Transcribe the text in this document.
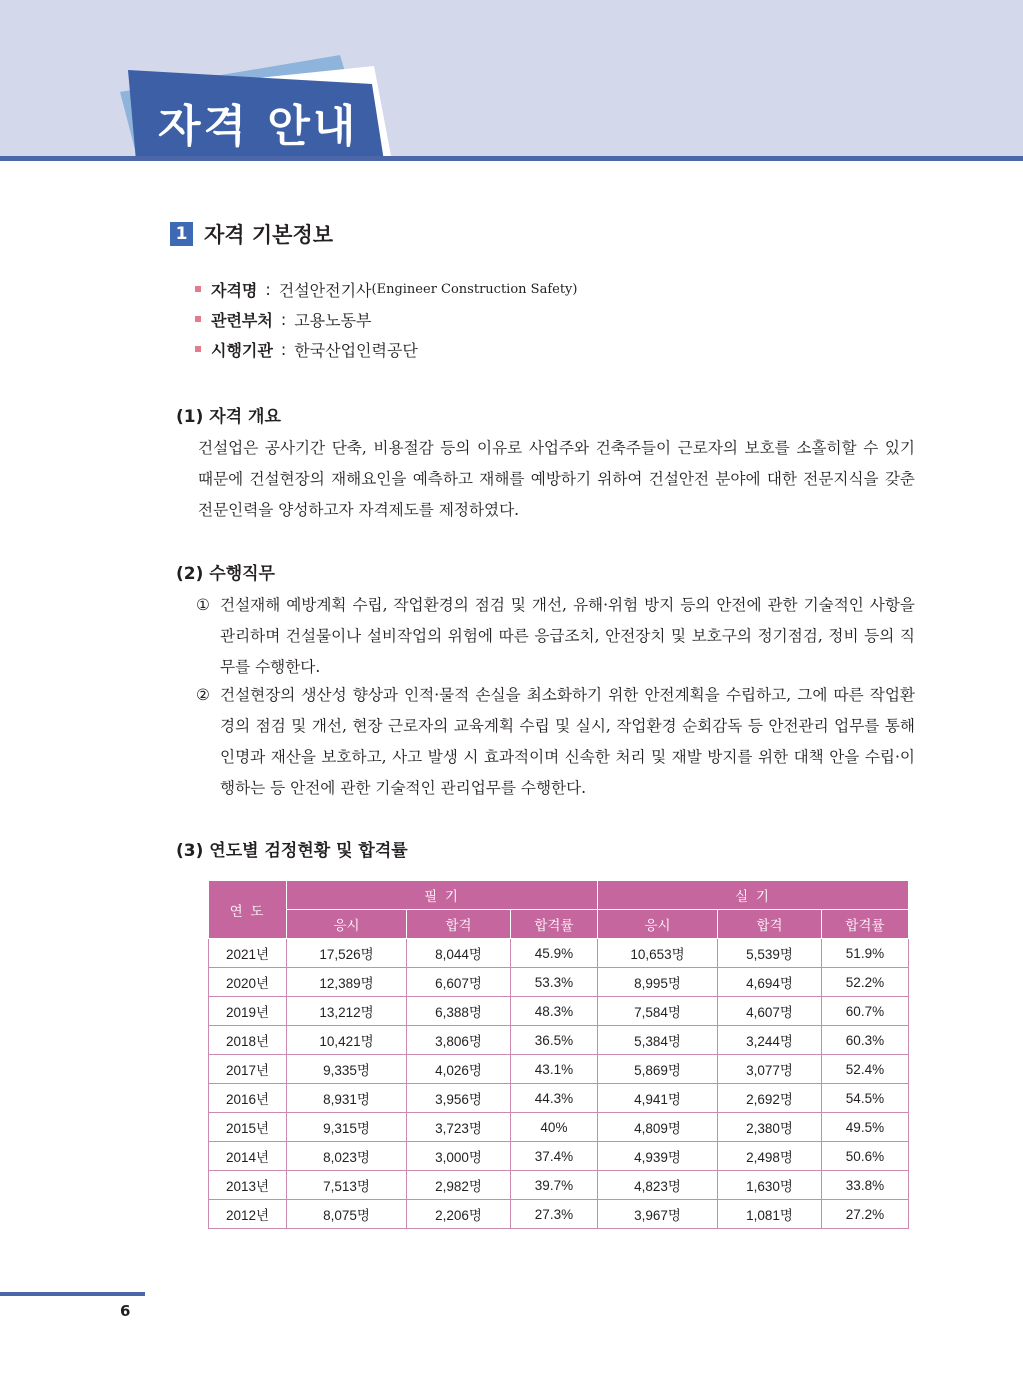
자격 안내
1 자격 기본정보
자격명 : 건설안전기사 (Engineer Construction Safety)
관련부처 : 고용노동부
시행기관 : 한국산업인력공단
(1) 자격 개요
건설업은 공사기간 단축, 비용절감 등의 이유로 사업주와 건축주들이 근로자의 보호를 소홀히할 수 있기 때문에 건설현장의 재해요인을 예측하고 재해를 예방하기 위하여 건설안전 분야에 대한 전문지식을 갖춘 전문인력을 양성하고자 자격제도를 제정하였다.
(2) 수행직무
① 건설재해 예방계획 수립, 작업환경의 점검 및 개선, 유해·위험 방지 등의 안전에 관한 기술적인 사항을 관리하며 건설물이나 설비작업의 위험에 따른 응급조치, 안전장치 및 보호구의 정기점검, 정비 등의 직무를 수행한다.
② 건설현장의 생산성 향상과 인적·물적 손실을 최소화하기 위한 안전계획을 수립하고, 그에 따른 작업환경의 점검 및 개선, 현장 근로자의 교육계획 수립 및 실시, 작업환경 순회감독 등 안전관리 업무를 통해 인명과 재산을 보호하고, 사고 발생 시 효과적이며 신속한 처리 및 재발 방지를 위한 대책 안을 수립·이행하는 등 안전에 관한 기술적인 관리업무를 수행한다.
(3) 연도별 검정현황 및 합격률
연 도	필 기			실 기		
	응시	합격	합격률	응시	합격	합격률
2021년	17,526명	8,044명	45.9%	10,653명	5,539명	51.9%
2020년	12,389명	6,607명	53.3%	8,995명	4,694명	52.2%
2019년	13,212명	6,388명	48.3%	7,584명	4,607명	60.7%
2018년	10,421명	3,806명	36.5%	5,384명	3,244명	60.3%
2017년	9,335명	4,026명	43.1%	5,869명	3,077명	52.4%
2016년	8,931명	3,956명	44.3%	4,941명	2,692명	54.5%
2015년	9,315명	3,723명	40%	4,809명	2,380명	49.5%
2014년	8,023명	3,000명	37.4%	4,939명	2,498명	50.6%
2013년	7,513명	2,982명	39.7%	4,823명	1,630명	33.8%
2012년	8,075명	2,206명	27.3%	3,967명	1,081명	27.2%
6
